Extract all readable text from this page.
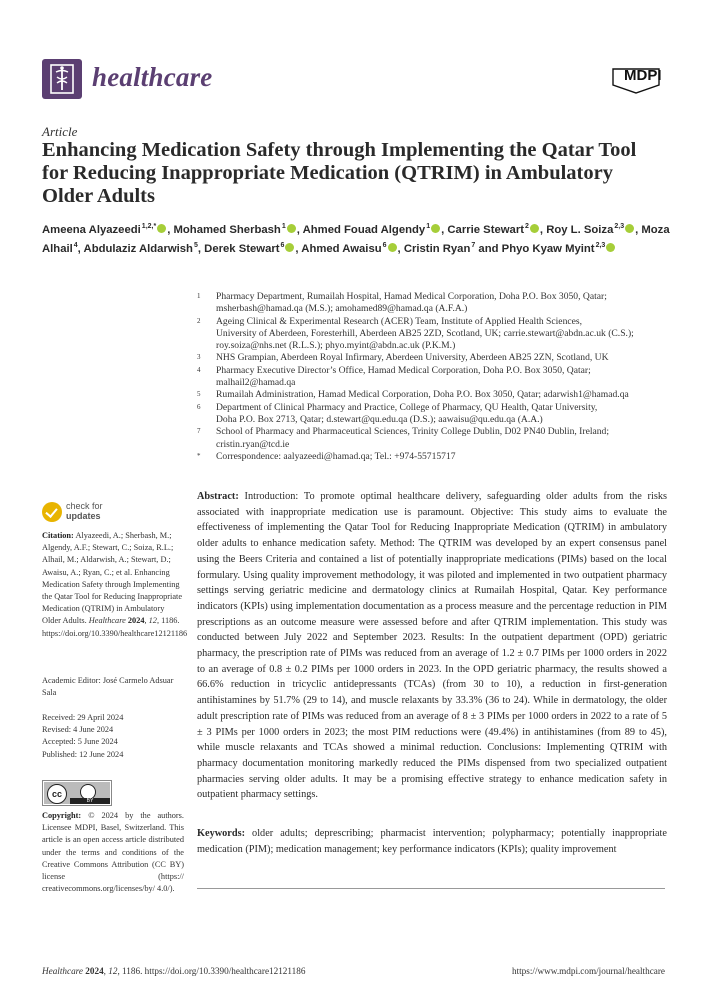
healthcare	MDPI
Article
Enhancing Medication Safety through Implementing the Qatar Tool for Reducing Inappropriate Medication (QTRIM) in Ambulatory Older Adults
Ameena Alyazeedi$^{1,2,*}$ , Mohamed Sherbash$^1$ , Ahmed Fouad Algendy$^1$ , Carrie Stewart$^2$ , Roy L. Soiza$^{2,3}$ , Moza Alhail$^4$, Abdulaziz Aldarwish$^5$, Derek Stewart$^6$ , Ahmed Awaisu$^6$ , Cristin Ryan$^7$ and Phyo Kyaw Myint$^{2,3}$
1 Pharmacy Department, Rumailah Hospital, Hamad Medical Corporation, Doha P.O. Box 3050, Qatar;
msherbash@hamad.qa (M.S.); amohamed89@hamad.qa (A.F.A.)
2 Ageing Clinical & Experimental Research (ACER) Team, Institute of Applied Health Sciences,
University of Aberdeen, Foresterhill, Aberdeen AB25 2ZD, Scotland, UK; carrie.stewart@abdn.ac.uk (C.S.);
roy.soiza@nhs.net (R.L.S.); phyo.myint@abdn.ac.uk (P.K.M.)
3 NHS Grampian, Aberdeen Royal Infirmary, Aberdeen University, Aberdeen AB25 2ZN, Scotland, UK
4 Pharmacy Executive Director’s Office, Hamad Medical Corporation, Doha P.O. Box 3050, Qatar;
malhail2@hamad.qa
5 Rumailah Administration, Hamad Medical Corporation, Doha P.O. Box 3050, Qatar; adarwish1@hamad.qa
6 Department of Clinical Pharmacy and Practice, College of Pharmacy, QU Health, Qatar University,
Doha P.O. Box 2713, Qatar; d.stewart@qu.edu.qa (D.S.); aawaisu@qu.edu.qa (A.A.)
7 School of Pharmacy and Pharmaceutical Sciences, Trinity College Dublin, D02 PN40 Dublin, Ireland;
cristin.ryan@tcd.ie
* Correspondence: aalyazeedi@hamad.qa; Tel.: +974-55715717
check for
updates
Citation: Alyazeedi, A.; Sherbash, M.; Algendy, A.F.; Stewart, C.; Soiza, R.L.; Alhail, M.; Aldarwish, A.; Stewart, D.; Awaisu, A.; Ryan, C.; et al. Enhancing Medication Safety through Implementing the Qatar Tool for Reducing Inappropriate Medication (QTRIM) in Ambulatory Older Adults. Healthcare 2024, 12, 1186. https://doi.org/10.3390/healthcare12121186
Academic Editor: José Carmelo Adsuar Sala
Received: 29 April 2024
Revised: 4 June 2024
Accepted: 5 June 2024
Published: 12 June 2024
cc
BY
Copyright: © 2024 by the authors. Licensee MDPI, Basel, Switzerland. This article is an open access article distributed under the terms and conditions of the Creative Commons Attribution (CC BY) license (https:// creativecommons.org/licenses/by/ 4.0/).
Abstract: Introduction: To promote optimal healthcare delivery, safeguarding older adults from the risks associated with inappropriate medication use is paramount. Objective: This study aims to evaluate the effectiveness of implementing the Qatar Tool for Reducing Inappropriate Medication (QTRIM) in ambulatory older adults to enhance medication safety. Method: The QTRIM was developed by an expert consensus panel using the Beers Criteria and contained a list of potentially inappropriate medications (PIMs) based on the local formulary. Using quality improvement methodology, it was piloted and implemented in two outpatient pharmacy settings serving geriatric medicine and dermatology clinics at Rumailah Hospital, Qatar. Key performance indicators (KPIs) using implementation documentation as a process measure and the percentage reduction in PIM prescriptions as an outcome measure were assessed before and after QTRIM implementation. This study was conducted between July 2022 and September 2023. Results: In the outpatient department (OPD) geriatric pharmacy, the prescription rate of PIMs was reduced from an average of 1.2 ± 0.7 PIMs per 1000 orders in 2022 to an average of 0.8 ± 0.2 PIMs per 1000 orders in 2023. In the OPD geriatric pharmacy, the results showed a 66.6% reduction in tricyclic antidepressants (TCAs) (from 30 to 10), a reduction in first-generation antihistamines by 51.7% (29 to 14), and muscle relaxants by 33.3% (36 to 24). While in dermatology, the older adult prescription rate of PIMs was reduced from an average of 8 ± 3 PIMs per 1000 orders in 2022 to a rate of 5 ± 3 PIMs per 1000 orders in 2023; the most PIM reductions were (49.4%) in antihistamines (from 89 to 45), while muscle relaxants and TCAs showed a minimal reduction. Conclusions: Implementing QTRIM with pharmacy documentation monitoring markedly reduced the PIMs dispensed from two specialized outpatient pharmacies serving older adults. It may be a promising effective strategy to enhance medication safety in outpatient pharmacy settings.
Keywords: older adults; deprescribing; pharmacist intervention; polypharmacy; potentially inappropriate medication (PIM); medication management; key performance indicators (KPIs); quality improvement
Healthcare 2024, 12, 1186. https://doi.org/10.3390/healthcare12121186	https://www.mdpi.com/journal/healthcare
